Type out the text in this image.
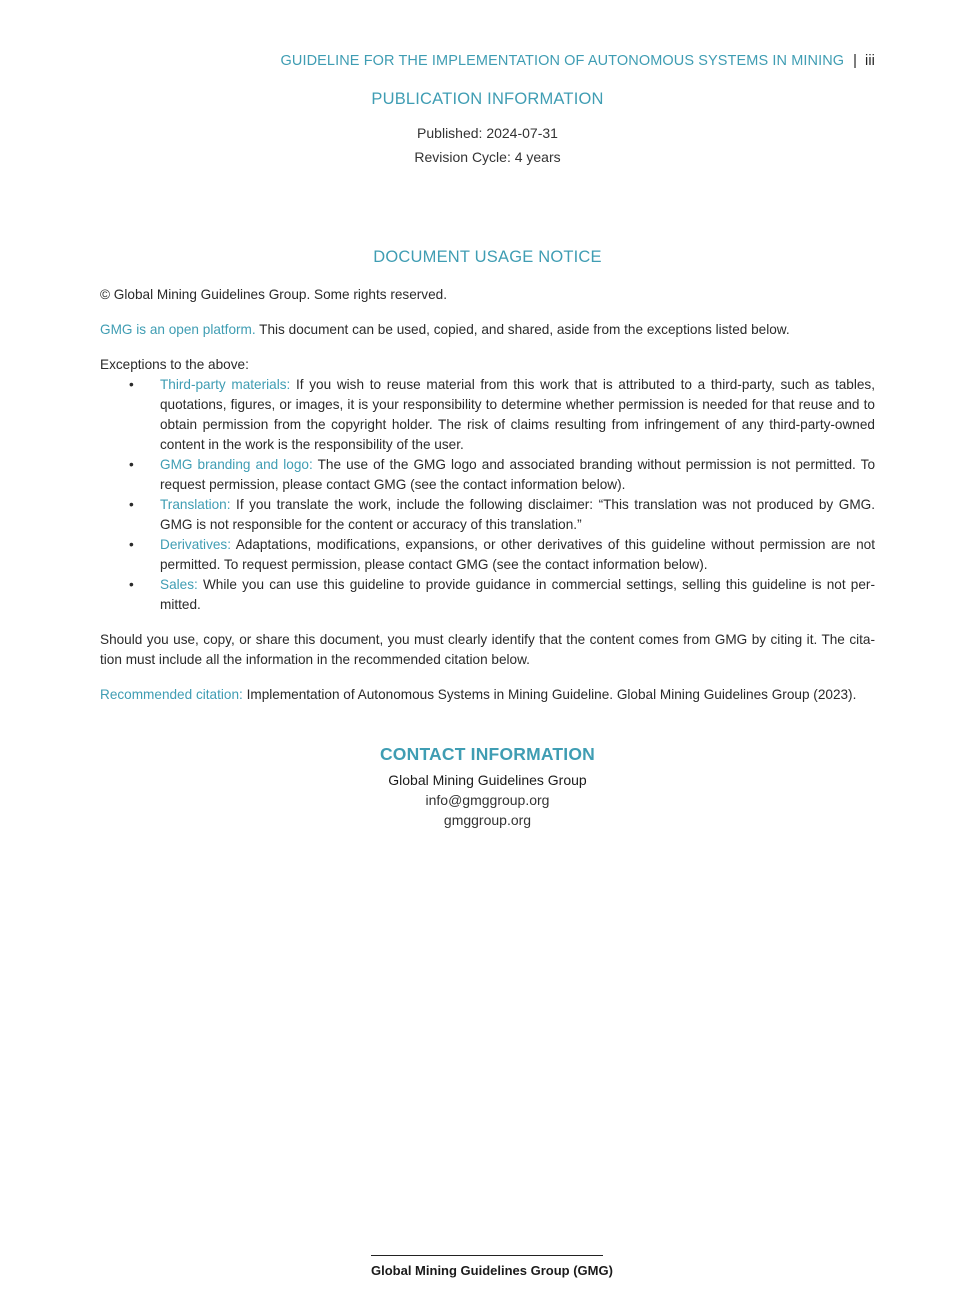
GUIDELINE FOR THE IMPLEMENTATION OF AUTONOMOUS SYSTEMS IN MINING | iii
PUBLICATION INFORMATION
Published: 2024-07-31
Revision Cycle: 4 years
DOCUMENT USAGE NOTICE

© Global Mining Guidelines Group. Some rights reserved.

GMG is an open platform. This document can be used, copied, and shared, aside from the exceptions listed below.

Exceptions to the above:

• Third-party materials: If you wish to reuse material from this work that is attributed to a third-party, such as tables, quotations, figures, or images, it is your responsibility to determine whether permission is needed for that reuse and to obtain permission from the copyright holder. The risk of claims resulting from infringement of any third-party-owned content in the work is the responsibility of the user.
• GMG branding and logo: The use of the GMG logo and associated branding without permission is not permitted. To request permission, please contact GMG (see the contact information below).
• Translation: If you translate the work, include the following disclaimer: “This translation was not produced by GMG. GMG is not responsible for the content or accuracy of this translation.”
• Derivatives: Adaptations, modifications, expansions, or other derivatives of this guideline without permission are not permitted. To request permission, please contact GMG (see the contact information below).
• Sales: While you can use this guideline to provide guidance in commercial settings, selling this guideline is not per-mitted.

Should you use, copy, or share this document, you must clearly identify that the content comes from GMG by citing it. The cita-tion must include all the information in the recommended citation below.

Recommended citation: Implementation of Autonomous Systems in Mining Guideline. Global Mining Guidelines Group (2023).

CONTACT INFORMATION
Global Mining Guidelines Group
info@gmggroup.org
gmggroup.org
Global Mining Guidelines Group (GMG)
